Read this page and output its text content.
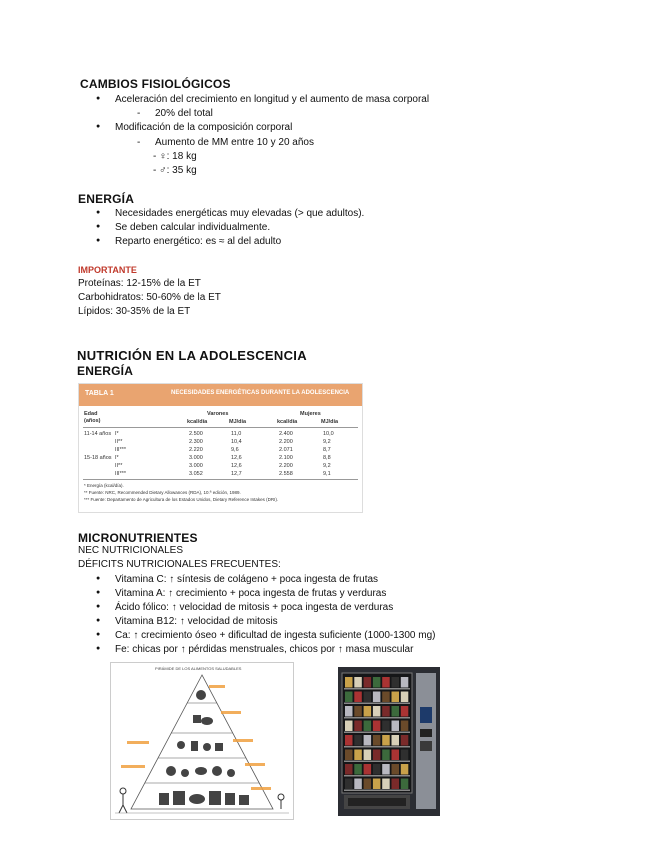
CAMBIOS FISIOLÓGICOS
● Aceleración del crecimiento en longitud y el aumento de masa corporal
- 20% del total
● Modificación de la composición corporal
- Aumento de MM entre 10 y 20 años
- ♀: 18 kg
- ♂: 35 kg
ENERGÍA
● Necesidades energéticas muy elevadas (> que adultos).
● Se deben calcular individualmente.
● Reparto energético: es ≈ al del adulto
IMPORTANTE
Proteínas: 12-15% de la ET
Carbohidratos: 50-60% de la ET
Lípidos: 30-35% de la ET
NUTRICIÓN EN LA ADOLESCENCIA
ENERGÍA
TABLA 1	NECESIDADES ENERGÉTICAS DURANTE LA ADOLESCENCIA
Edad
(años)
Varones	Mujeres
kcal/día	MJ/día	kcal/día	MJ/día
11-14 años I*	2.500	11,0	2.400	10,0
II**	2.300	10,4	2.200	9,2
III***	2.220	9,6	2.071	8,7
15-18 años I*	3.000	12,6	2.100	8,8
II**	3.000	12,6	2.200	9,2
III***	3.052	12,7	2.558	9,1
* Energía (kcal/día).
** Fuente: NRC, Recommended Dietary Allowances (RDA), 10.ª edición, 1989.
*** Fuente: Departamento de Agricultura de los Estados Unidos, Dietary Reference Intakes (DRI).
MICRONUTRIENTES
NEC NUTRICIONALES
DÉFICITS NUTRICIONALES FRECUENTES:
● Vitamina C: ↑ síntesis de colágeno + poca ingesta de frutas
● Vitamina A: ↑ crecimiento + poca ingesta de frutas y verduras
● Ácido fólico: ↑ velocidad de mitosis + poca ingesta de verduras
● Vitamina B12: ↑ velocidad de mitosis
● Ca: ↑ crecimiento óseo + dificultad de ingesta suficiente (1000-1300 mg)
● Fe: chicas por ↑ pérdidas menstruales, chicos por ↑ masa muscular
PIRÁMIDE DE LOS ALIMENTOS SALUDABLES
